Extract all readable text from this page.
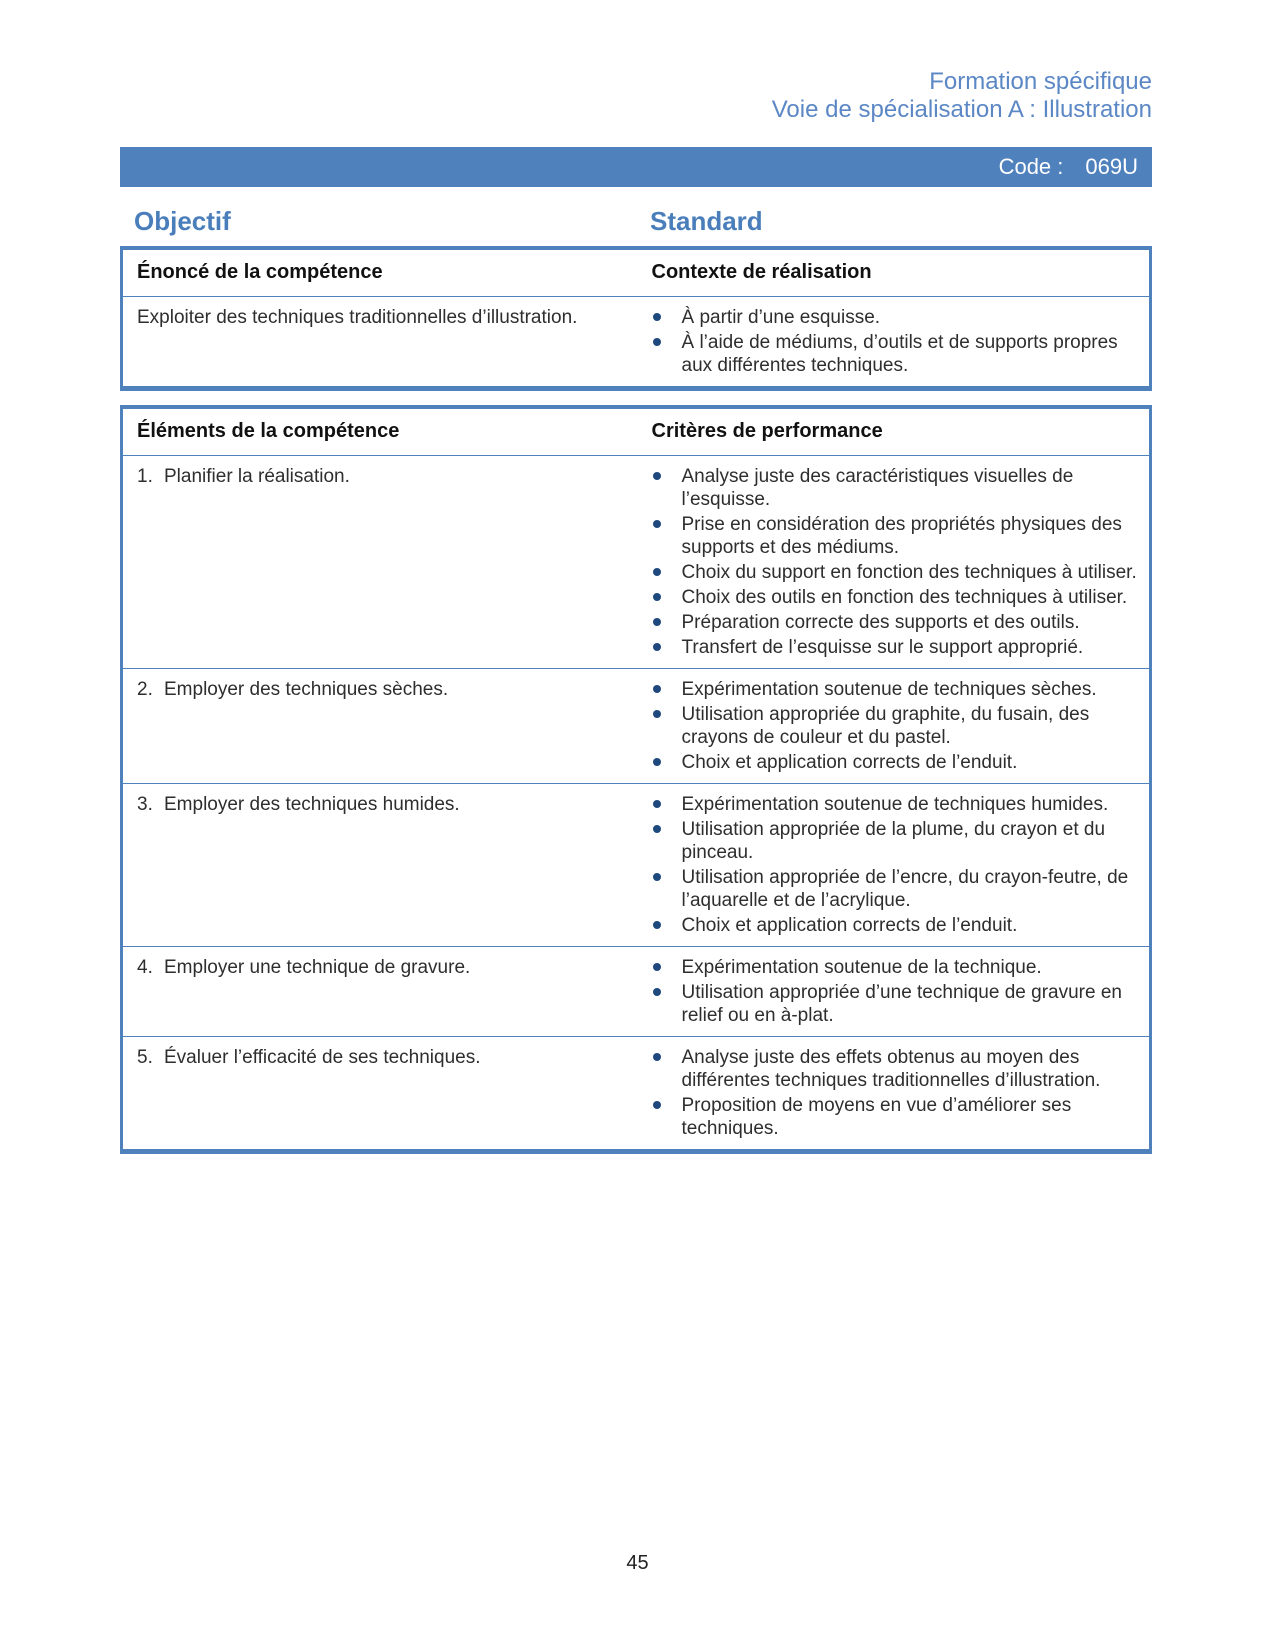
Formation spécifique
Voie de spécialisation A : Illustration
Code : 069U
Objectif	Standard
Énoncé de la compétence	Contexte de réalisation
Exploiter des techniques traditionnelles d’illustration.	À partir d’une esquisse.
À l’aide de médiums, d’outils et de supports propres aux différentes techniques.
Éléments de la compétence	Critères de performance
1. Planifier la réalisation.	Analyse juste des caractéristiques visuelles de l’esquisse.
Prise en considération des propriétés physiques des supports et des médiums.
Choix du support en fonction des techniques à utiliser.
Choix des outils en fonction des techniques à utiliser.
Préparation correcte des supports et des outils.
Transfert de l’esquisse sur le support approprié.

2. Employer des techniques sèches.	Expérimentation soutenue de techniques sèches.
Utilisation appropriée du graphite, du fusain, des crayons de couleur et du pastel.
Choix et application corrects de l’enduit.

3. Employer des techniques humides.	Expérimentation soutenue de techniques humides.
Utilisation appropriée de la plume, du crayon et du pinceau.
Utilisation appropriée de l’encre, du crayon-feutre, de l’aquarelle et de l’acrylique.
Choix et application corrects de l’enduit.

4. Employer une technique de gravure.	Expérimentation soutenue de la technique.
Utilisation appropriée d’une technique de gravure en relief ou en à-plat.

5. Évaluer l’efficacité de ses techniques.	Analyse juste des effets obtenus au moyen des différentes techniques traditionnelles d’illustration.
Proposition de moyens en vue d’améliorer ses techniques.
45
